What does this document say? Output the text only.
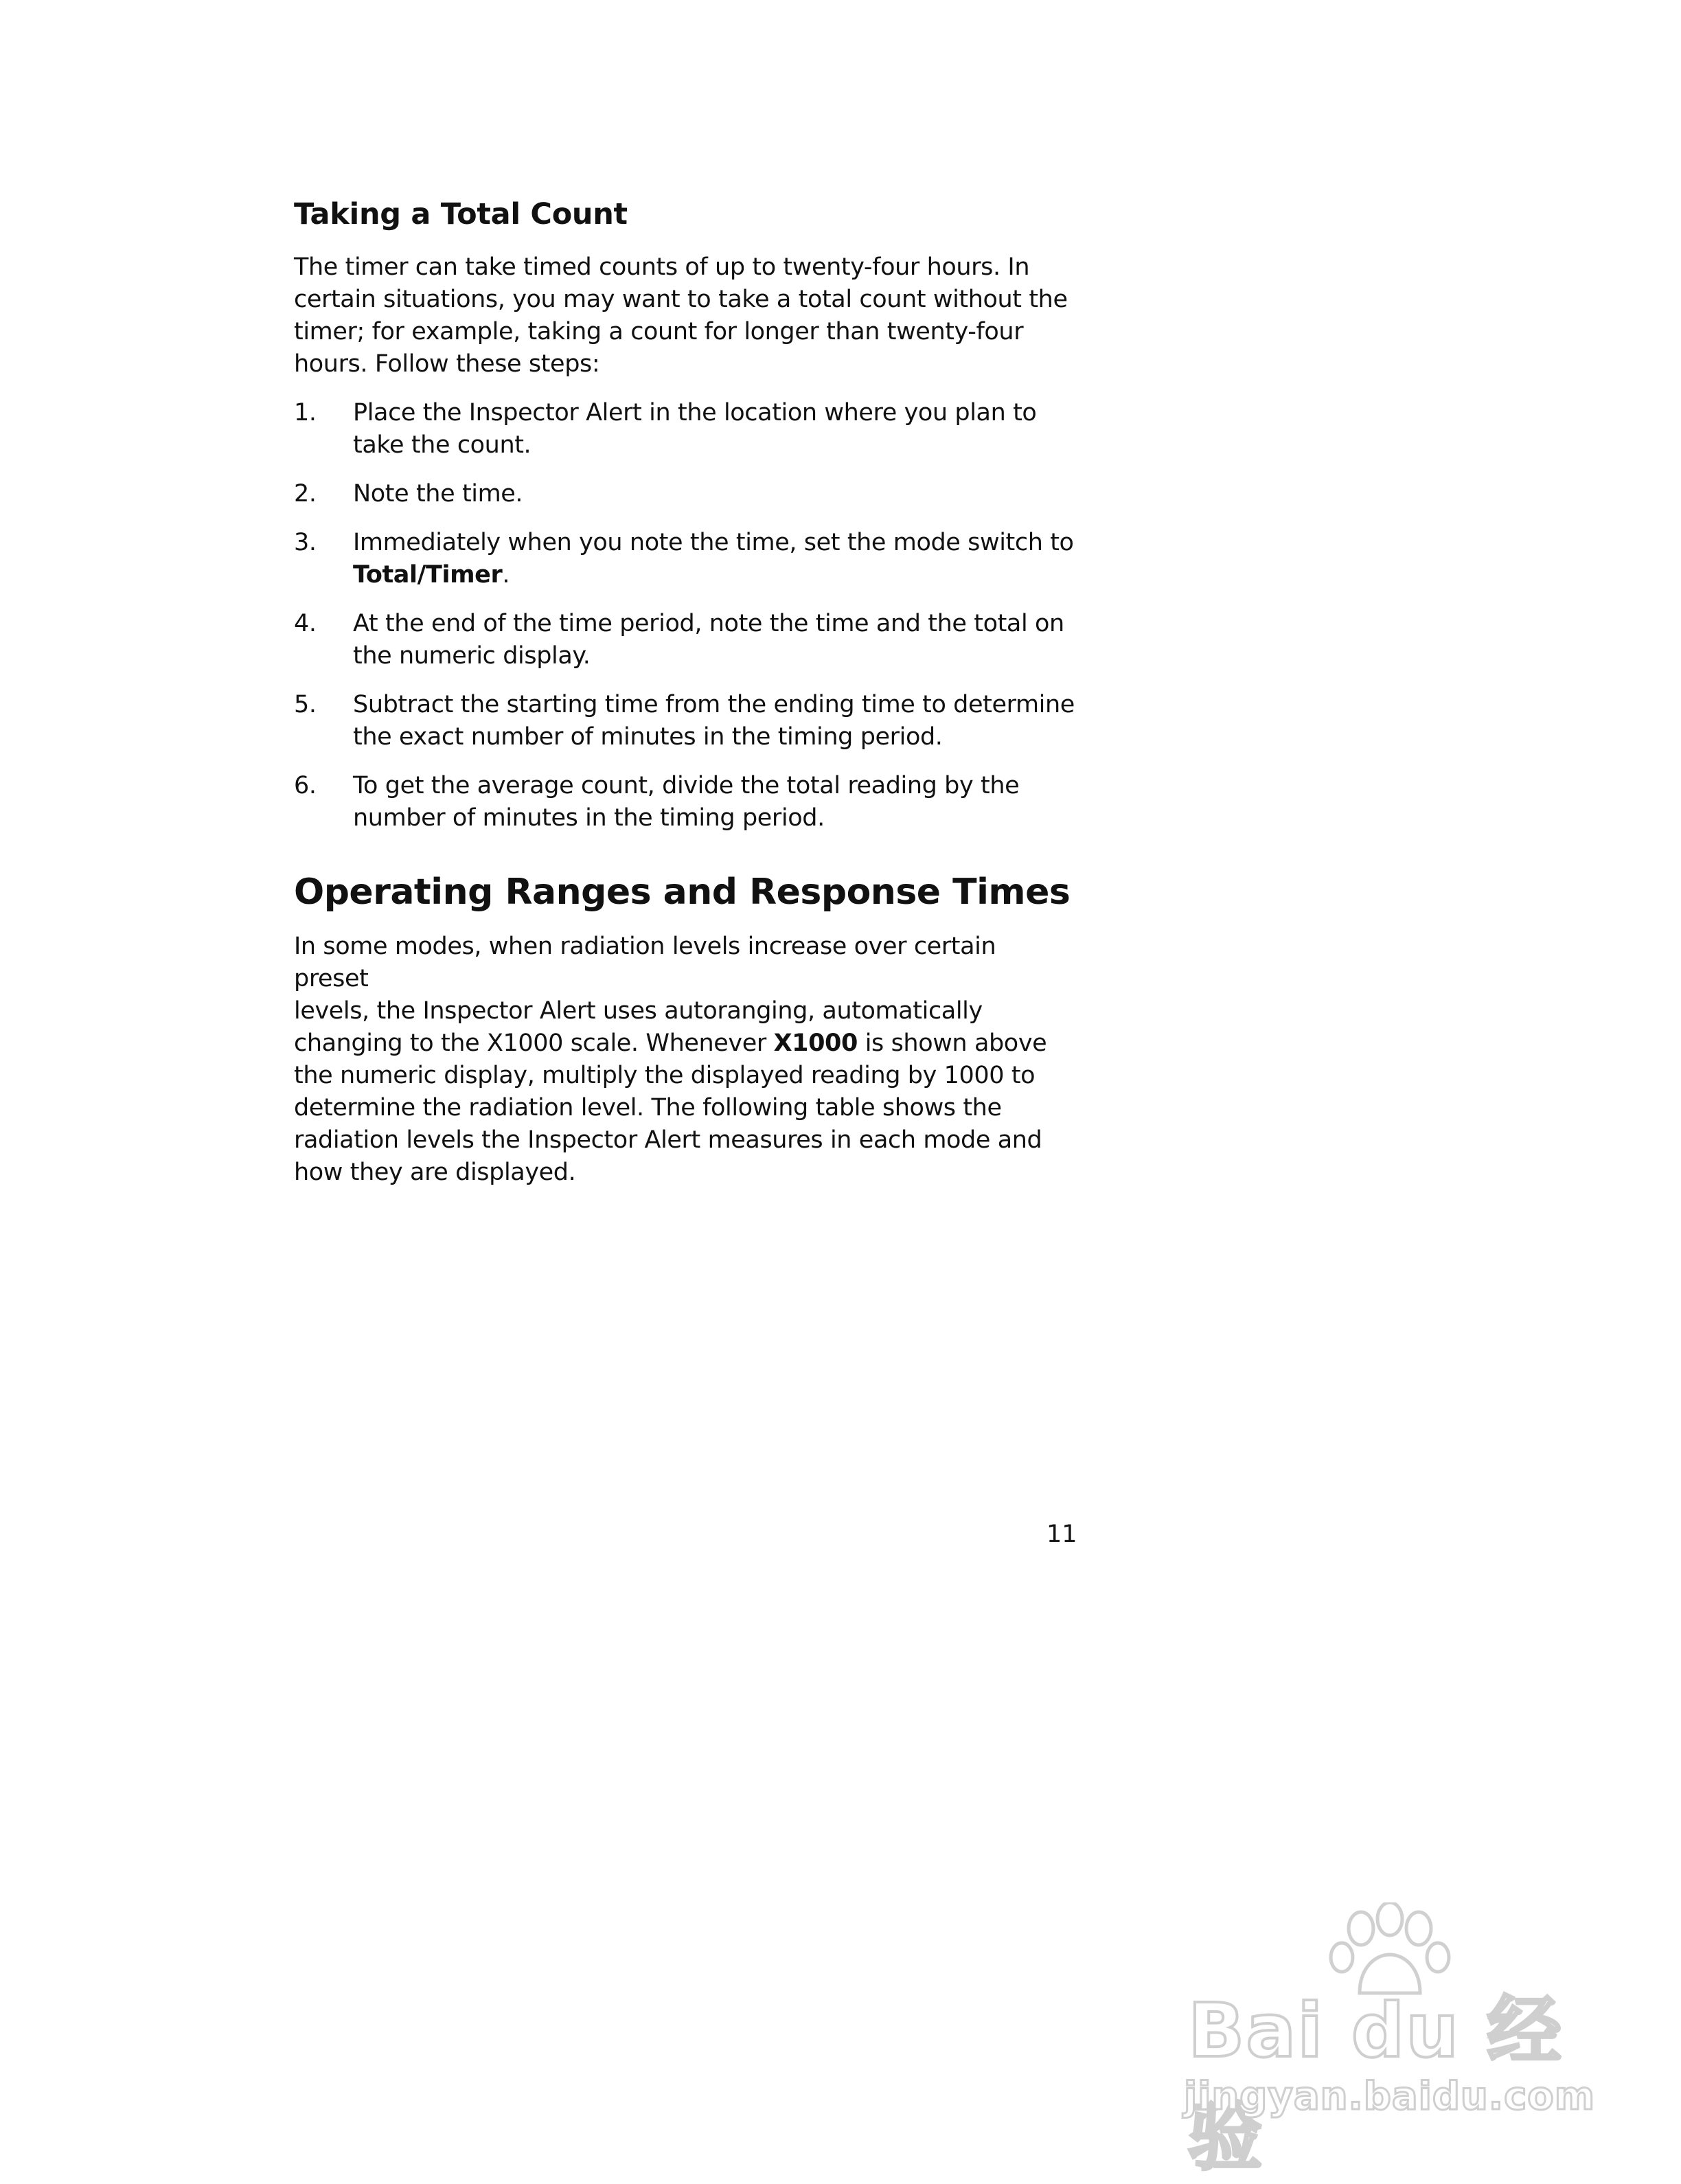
Taking a Total Count

The timer can take timed counts of up to twenty-four hours. In
certain situations, you may want to take a total count without the
timer; for example, taking a count for longer than twenty-four
hours. Follow these steps:

1.	Place the Inspector Alert in the location where you plan to
take the count.
2.	Note the time.
3.	Immediately when you note the time, set the mode switch to
Total/Timer.
4.	At the end of the time period, note the time and the total on
the numeric display.
5.	Subtract the starting time from the ending time to determine
the exact number of minutes in the timing period.
6.	To get the average count, divide the total reading by the
number of minutes in the timing period.
Operating Ranges and Response Times

In some modes, when radiation levels increase over certain preset
levels, the Inspector Alert uses autoranging, automatically
changing to the X1000 scale. Whenever X1000 is shown above
the numeric display, multiply the displayed reading by 1000 to
determine the radiation level. The following table shows the
radiation levels the Inspector Alert measures in each mode and
how they are displayed.

11
Bai du 经验
jingyan.baidu.com
